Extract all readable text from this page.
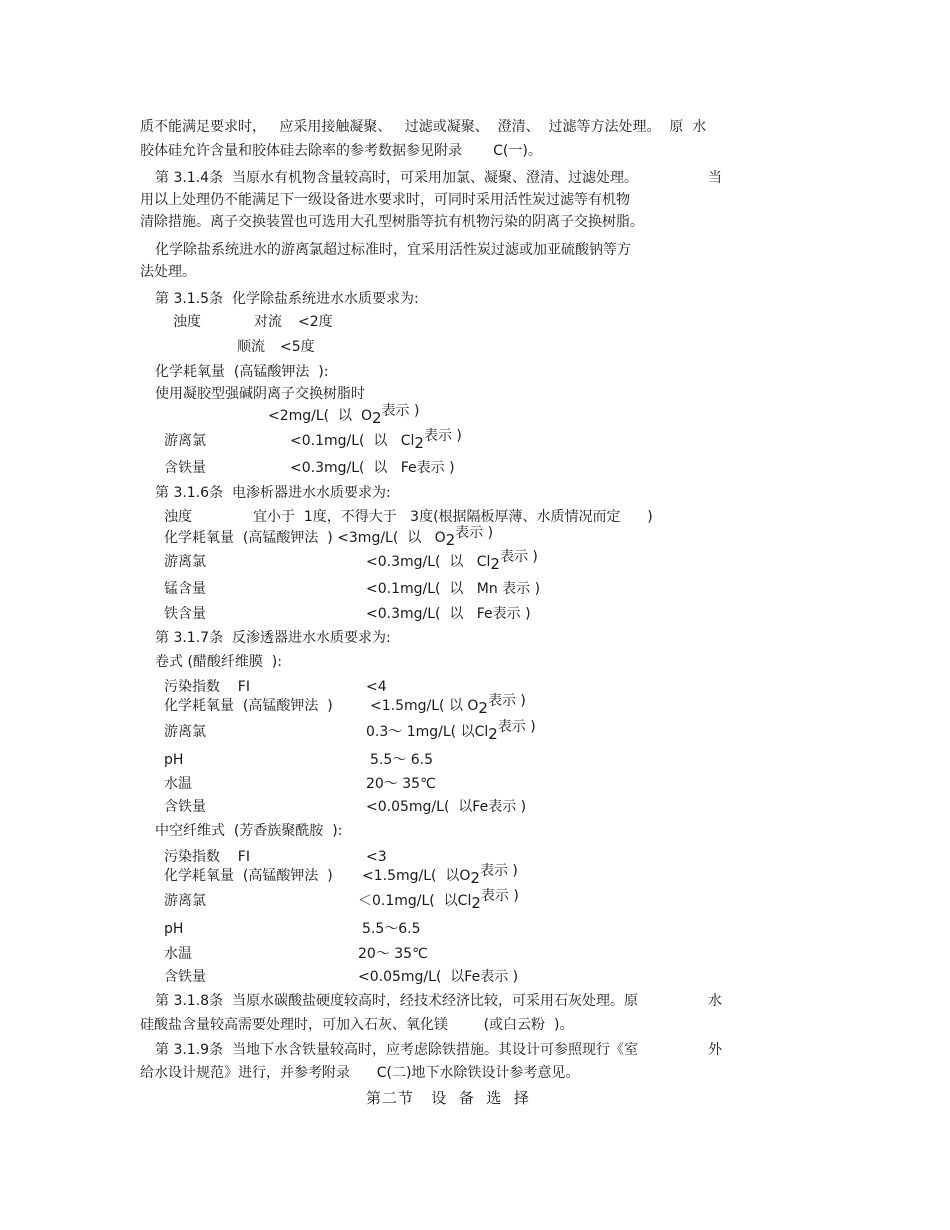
质不能满足要求时，   应采用接触凝聚、   过滤或凝聚、  澄清、  过滤等方法处理。  原  水
胶体硅允许含量和胶体硅去除率的参考数据参见附录       C(一)。
第 3.1.4条  当原水有机物含量较高时，可采用加氯、凝聚、澄清、过滤处理。	当
用以上处理仍不能满足下一级设备进水要求时，可同时采用活性炭过滤等有机物
清除措施。离子交换装置也可选用大孔型树脂等抗有机物污染的阴离子交换树脂。
化学除盐系统进水的游离氯超过标准时，宜采用活性炭过滤或加亚硫酸钠等方
法处理。
第 3.1.5条  化学除盐系统进水水质要求为:
浊度	对流 <2度
顺流 <5度
化学耗氧量  (高锰酸钾法  ):
使用凝胶型强碱阴离子交换树脂时
<2mg/L(  以  $O_2$表示 )
游离氯	<0.1mg/L(  以   $Cl_2$表示 )
含铁量	<0.3mg/L(  以   Fe表示 )
第 3.1.6条  电渗析器进水水质要求为:
浊度	宜小于  1度，不得大于   3度(根据隔板厚薄、水质情况而定      )
化学耗氧量  (高锰酸钾法  ) <3mg/L(  以   $O_2$表示 )
游离氯	<0.3mg/L(  以   $Cl_2$表示 )
锰含量	<0.1mg/L(  以   Mn 表示 )
铁含量	<0.3mg/L(  以   Fe表示 )
第 3.1.7条  反渗透器进水水质要求为:
卷式 (醋酸纤维膜  ):
污染指数    FI	<4
化学耗氧量  (高锰酸钾法  )	<1.5mg/L( 以 $O_2$表示 )
游离氯	0.3～ 1mg/L( 以$Cl_2$表示 )
pH	5.5～ 6.5
水温	20～ 35℃
含铁量	<0.05mg/L(  以Fe表示 )
中空纤维式  (芳香族聚酰胺  ):
污染指数    FI	<3
化学耗氧量  (高锰酸钾法  ) <1.5mg/L(  以$O_2$表示 )
游离氯	＜0.1mg/L(  以$Cl_2$表示 )
pH	5.5～6.5
水温	20～ 35℃
含铁量	<0.05mg/L(  以Fe表示 )
第 3.1.8条  当原水碳酸盐硬度较高时，经技术经济比较，可采用石灰处理。原	水
硅酸盐含量较高需要处理时，可加入石灰、氧化镁        (或白云粉  )。
第 3.1.9条  当地下水含铁量较高时，应考虑除铁措施。其设计可参照现行《室	外
给水设计规范》进行，并参考附录      C(二)地下水除铁设计参考意见。
第二节   设  备  选  择
